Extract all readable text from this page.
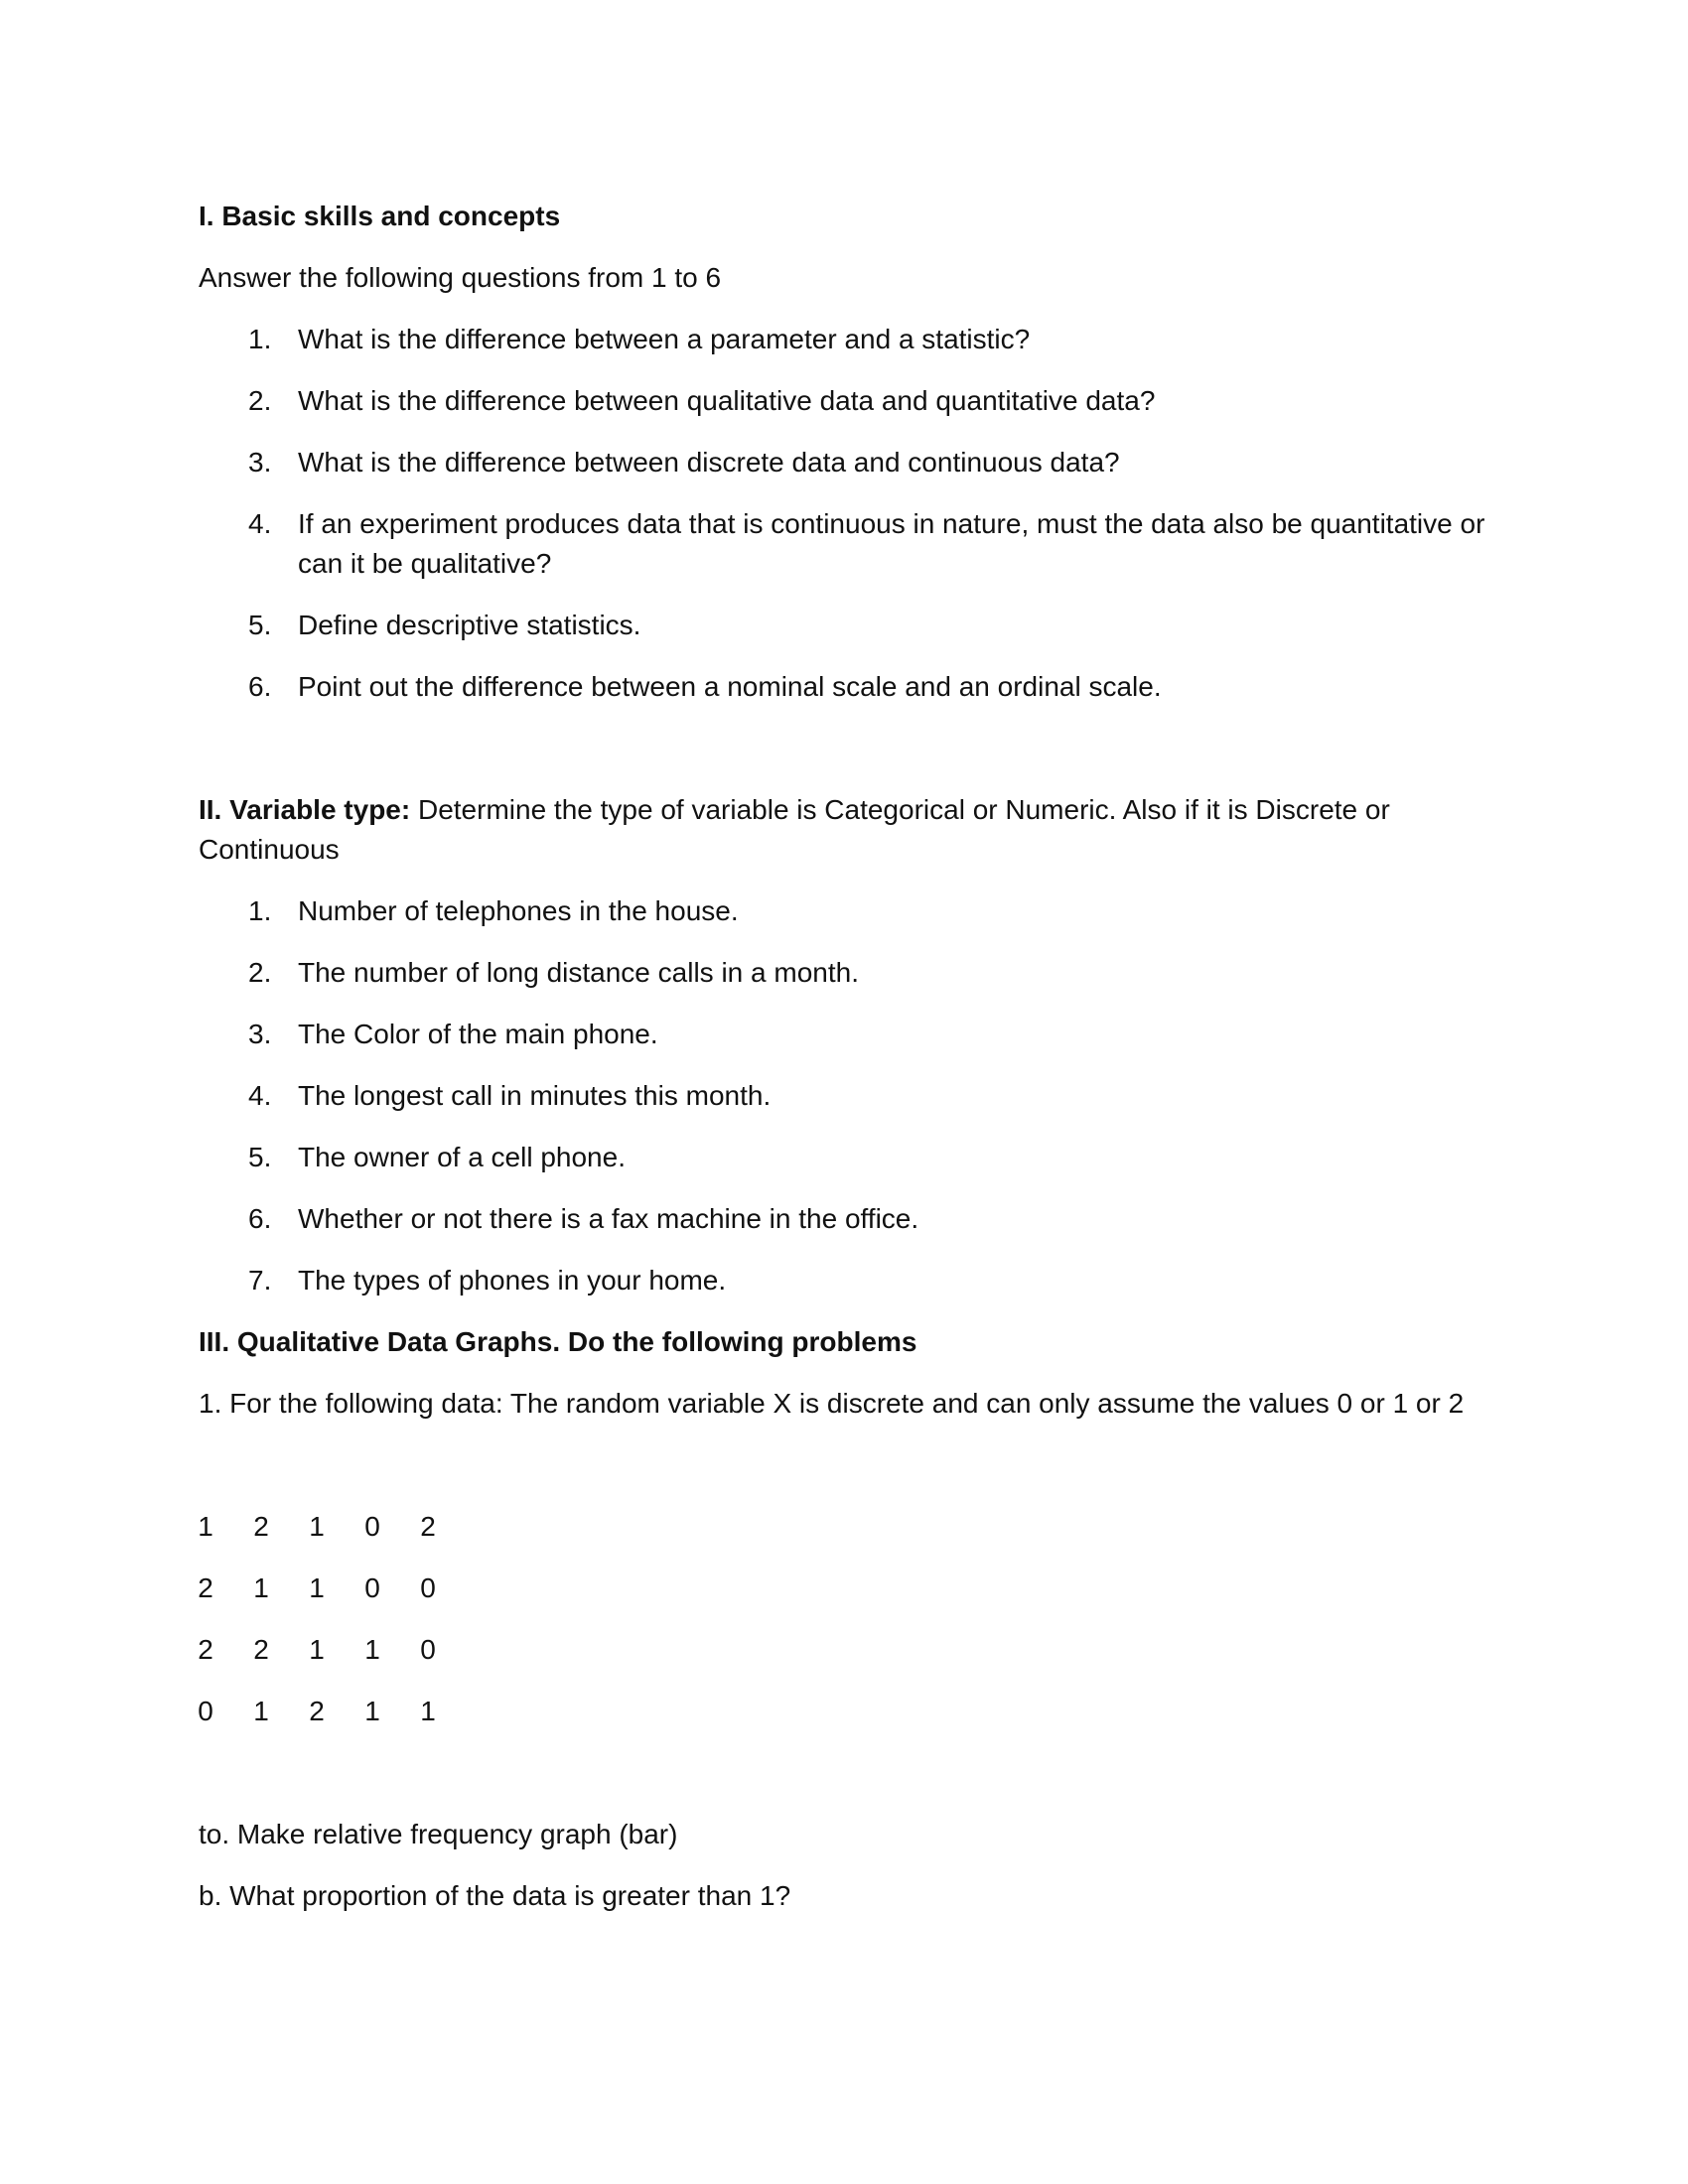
I. Basic skills and concepts
Answer the following questions from 1 to 6
1. What is the difference between a parameter and a statistic?
2. What is the difference between qualitative data and quantitative data?
3. What is the difference between discrete data and continuous data?
4. If an experiment produces data that is continuous in nature, must the data also be quantitative or can it be qualitative?
5. Define descriptive statistics.
6. Point out the difference between a nominal scale and an ordinal scale.
II. Variable type: Determine the type of variable is Categorical or Numeric. Also if it is Discrete or Continuous
1. Number of telephones in the house.
2. The number of long distance calls in a month.
3. The Color of the main phone.
4. The longest call in minutes this month.
5. The owner of a cell phone.
6. Whether or not there is a fax machine in the office.
7. The types of phones in your home.
III. Qualitative Data Graphs. Do the following problems
1. For the following data: The random variable X is discrete and can only assume the values 0 or 1 or 2
1 2 1 0 2
2 1 1 0 0
2 2 1 1 0
0 1 2 1 1
to. Make relative frequency graph (bar)
b. What proportion of the data is greater than 1?
